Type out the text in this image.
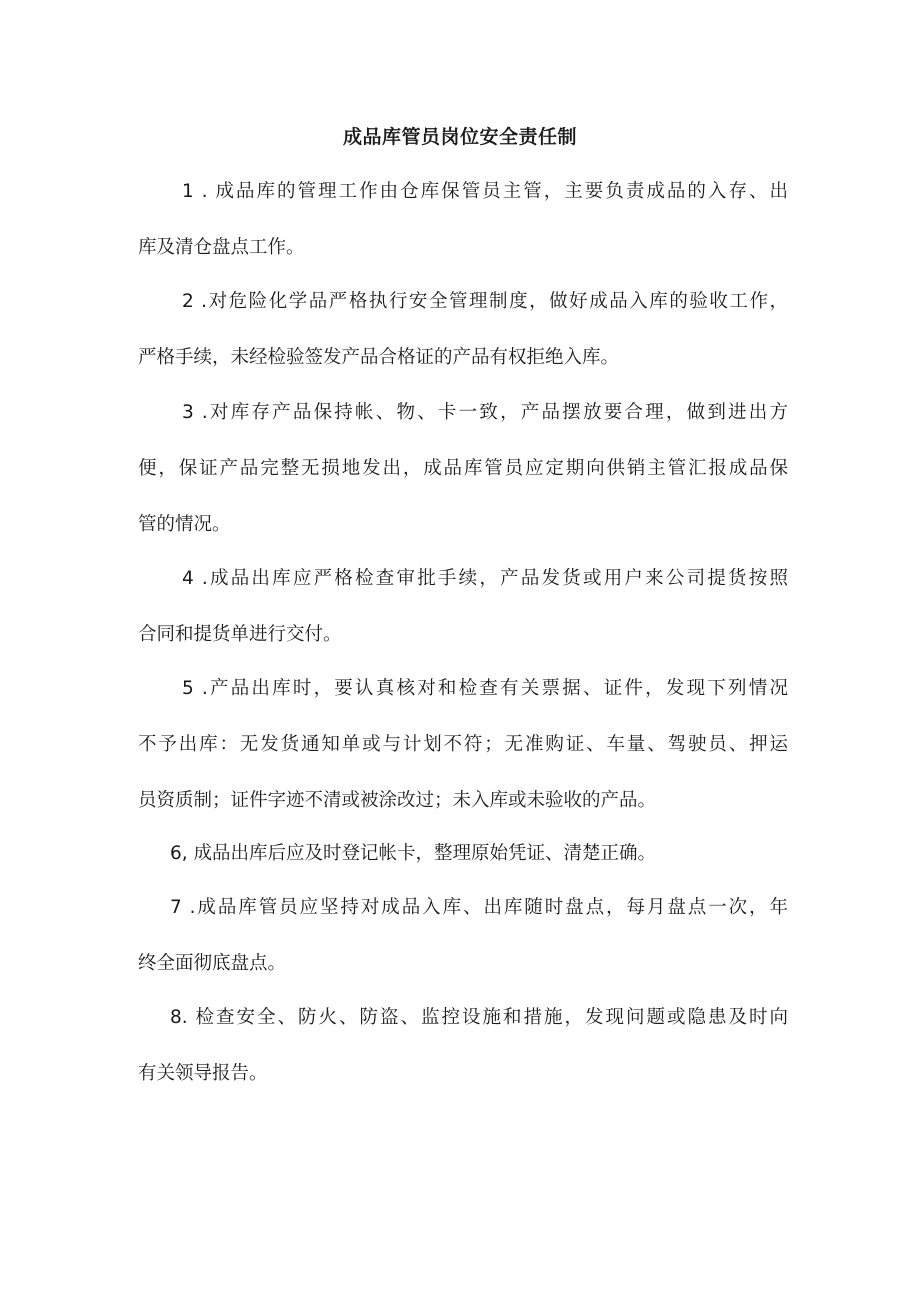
成品库管员岗位安全责任制

1 . 成品库的管理工作由仓库保管员主管，主要负责成品的入存、出
库及清仓盘点工作。

2 .对危险化学品严格执行安全管理制度，做好成品入库的验收工作，
严格手续，未经检验签发产品合格证的产品有权拒绝入库。

3 .对库存产品保持帐、物、卡一致，产品摆放要合理，做到进出方
便，保证产品完整无损地发出，成品库管员应定期向供销主管汇报成品保
管的情况。

4 .成品出库应严格检查审批手续，产品发货或用户来公司提货按照
合同和提货单进行交付。

5 .产品出库时，要认真核对和检查有关票据、证件，发现下列情况
不予出库：无发货通知单或与计划不符；无准购证、车量、驾驶员、押运
员资质制；证件字迹不清或被涂改过；未入库或未验收的产品。

6, 成品出库后应及时登记帐卡，整理原始凭证、清楚正确。

7 .成品库管员应坚持对成品入库、出库随时盘点，每月盘点一次，年
终全面彻底盘点。

8. 检查安全、防火、防盗、监控设施和措施，发现问题或隐患及时向
有关领导报告。
